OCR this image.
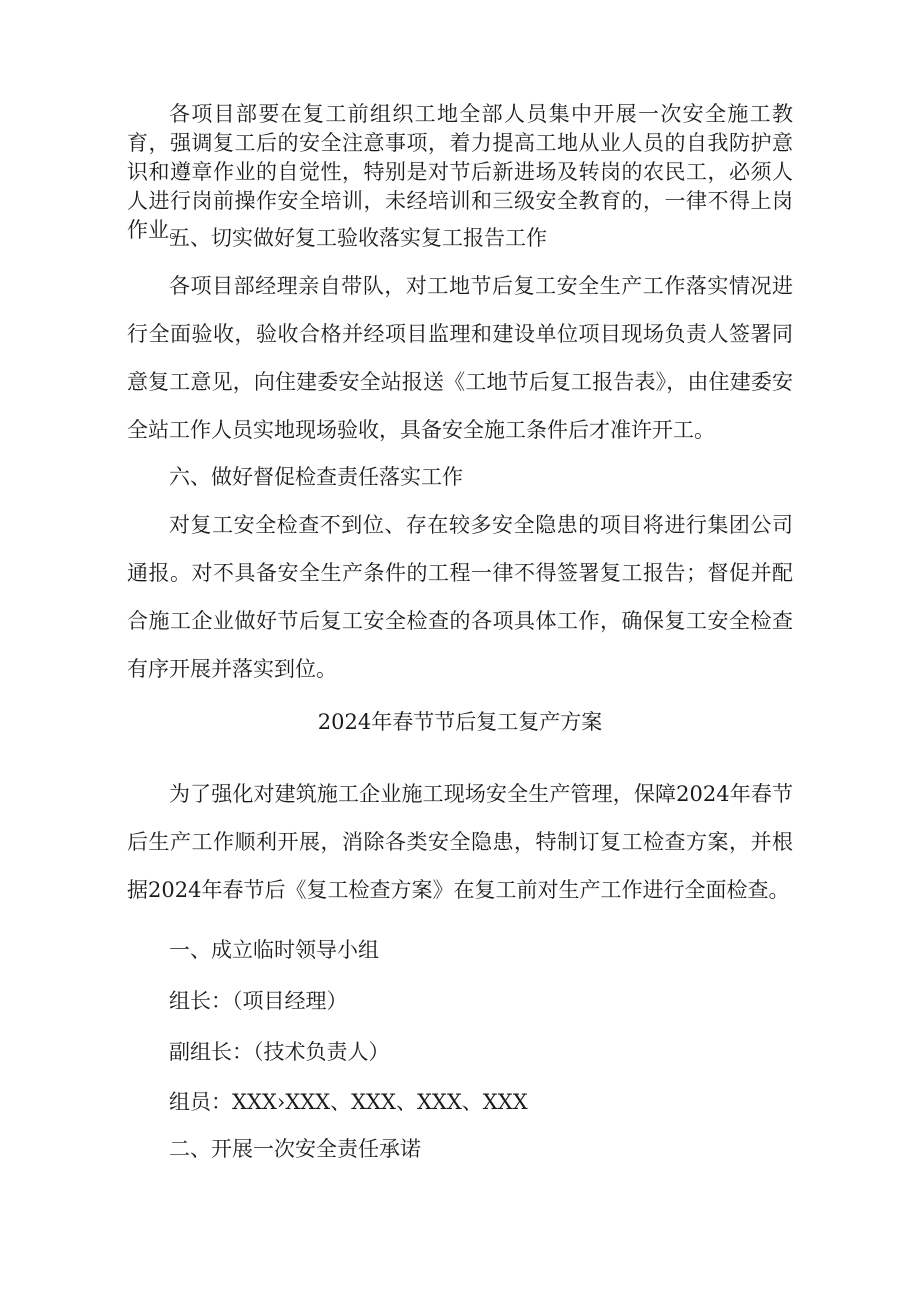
各项目部要在复工前组织工地全部人员集中开展一次安全施工教育，强调复工后的安全注意事项，着力提高工地从业人员的自我防护意识和遵章作业的自觉性，特别是对节后新进场及转岗的农民工，必须人人进行岗前操作安全培训，未经培训和三级安全教育的，一律不得上岗作业。

五、切实做好复工验收落实复工报告工作

各项目部经理亲自带队，对工地节后复工安全生产工作落实情况进行全面验收，验收合格并经项目监理和建设单位项目现场负责人签署同意复工意见，向住建委安全站报送《工地节后复工报告表》，由住建委安全站工作人员实地现场验收，具备安全施工条件后才准许开工。

六、做好督促检查责任落实工作

对复工安全检查不到位、存在较多安全隐患的项目将进行集团公司通报。对不具备安全生产条件的工程一律不得签署复工报告；督促并配合施工企业做好节后复工安全检查的各项具体工作，确保复工安全检查有序开展并落实到位。

2024年春节节后复工复产方案

为了强化对建筑施工企业施工现场安全生产管理，保障2024年春节后生产工作顺利开展，消除各类安全隐患，特制订复工检查方案，并根据2024年春节后《复工检查方案》在复工前对生产工作进行全面检查。

一、成立临时领导小组

组长：（项目经理）

副组长：（技术负责人）

组员：XXX›XXX、XXX、XXX、XXX

二、开展一次安全责任承诺
